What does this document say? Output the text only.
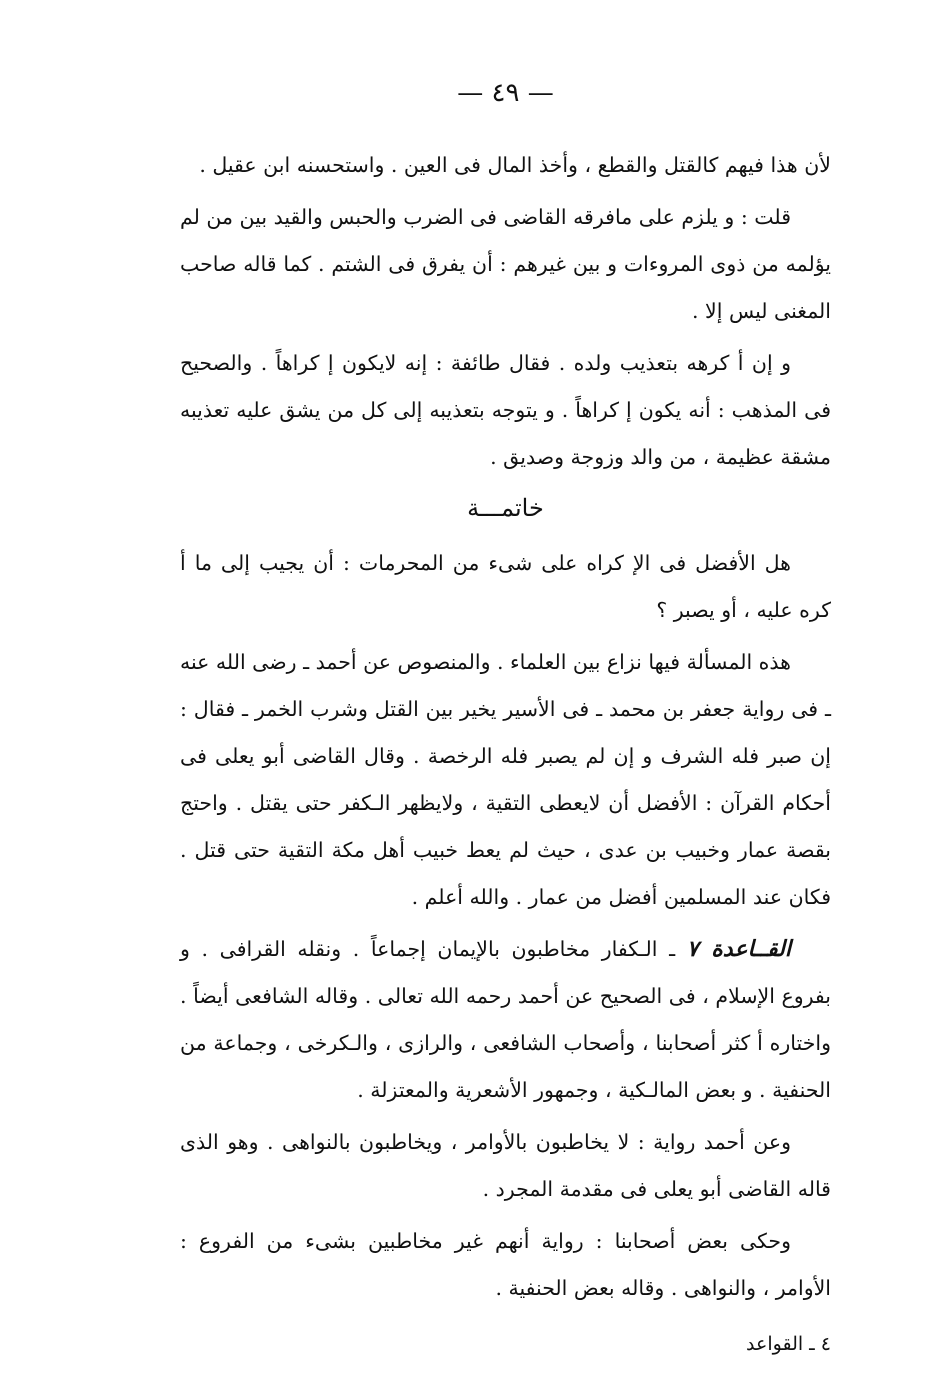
— ٤٩ —

لأن هذا فيهم كالقتل والقطع ، وأخذ المال فى العين . واستحسنه ابن عقيل .

قلت : و يلزم على مافرقه القاضى فى الضرب والحبس والقيد بين من لم يؤلمه من ذوى المروءات و بين غيرهم : أن يفرق فى الشتم . كما قاله صاحب المغنى ليس إلا .

و إن أ كرهه بتعذيب ولده . فقال طائفة : إنه لايكون إ كراهاً . والصحيح فى المذهب : أنه يكون إ كراهاً . و يتوجه بتعذيبه إلى كل من يشق عليه تعذيبه مشقة عظيمة ، من والد وزوجة وصديق .

خاتمـــة

هل الأفضل فى الإ كراه على شىء من المحرمات : أن يجيب إلى ما أ كره عليه ، أو يصبر ؟

هذه المسألة فيها نزاع بين العلماء . والمنصوص عن أحمد ـ رضى الله عنه ـ فى رواية جعفر بن محمد ـ فى الأسير يخير بين القتل وشرب الخمر ـ فقال : إن صبر فله الشرف و إن لم يصبر فله الرخصة . وقال القاضى أبو يعلى فى أحكام القرآن : الأفضل أن لايعطى التقية ، ولايظهر الـكفر حتى يقتل . واحتج بقصة عمار وخبيب بن عدى ، حيث لم يعط خبيب أهل مكة التقية حتى قتل . فكان عند المسلمين أفضل من عمار . والله أعلم .

القــاعدة ٧ ـ الـكفار مخاطبون بالإيمان إجماعاً . ونقله القرافى . و بفروع الإسلام ، فى الصحيح عن أحمد رحمه الله تعالى . وقاله الشافعى أيضاً . واختاره أ كثر أصحابنا ، وأصحاب الشافعى ، والرازى ، والـكرخى ، وجماعة من الحنفية . و بعض المالـكية ، وجمهور الأشعرية والمعتزلة .

وعن أحمد رواية : لا يخاطبون بالأوامر ، ويخاطبون بالنواهى . وهو الذى قاله القاضى أبو يعلى فى مقدمة المجرد .

وحكى بعض أصحابنا : رواية أنهم غير مخاطبين بشىء من الفروع : الأوامر ، والنواهى . وقاله بعض الحنفية .

٤ ـ القواعد
